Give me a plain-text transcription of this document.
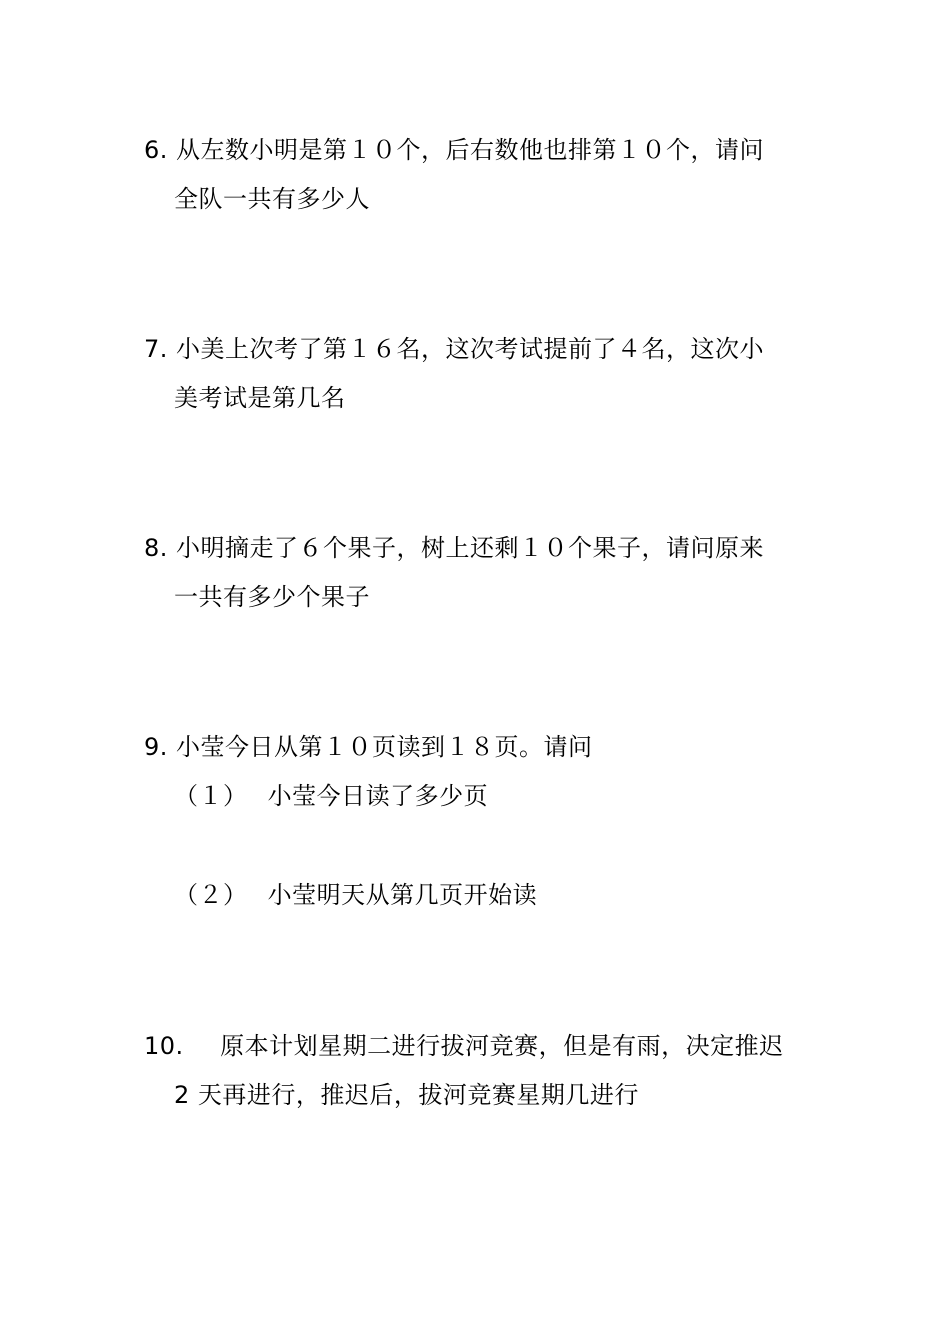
6. 从左数小明是第１０个，后右数他也排第１０个，请问
全队一共有多少人
7. 小美上次考了第１６名，这次考试提前了４名，这次小
美考试是第几名
8. 小明摘走了６个果子，树上还剩１０个果子，请问原来
一共有多少个果子
9. 小莹今日从第１０页读到１８页。请问
（１） 小莹今日读了多少页
（２） 小莹明天从第几页开始读
10. 原本计划星期二进行拔河竞赛，但是有雨，决定推迟
2 天再进行，推迟后，拔河竞赛星期几进行
